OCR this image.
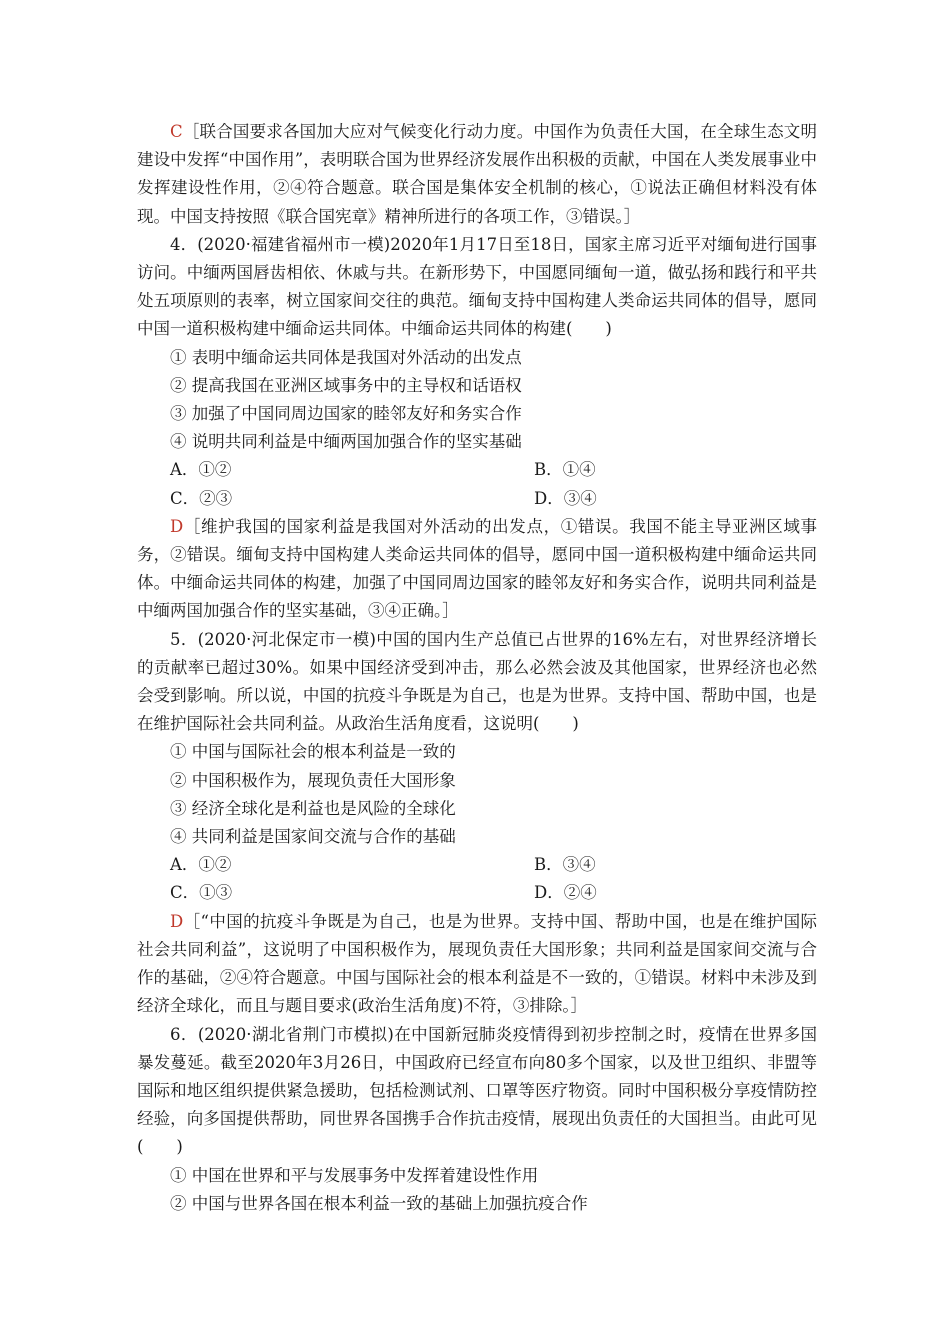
C［联合国要求各国加大应对气候变化行动力度。中国作为负责任大国，在全球生态文明建设中发挥“中国作用”，表明联合国为世界经济发展作出积极的贡献，中国在人类发展事业中发挥建设性作用，②④符合题意。联合国是集体安全机制的核心，①说法正确但材料没有体现。中国支持按照《联合国宪章》精神所进行的各项工作，③错误。］

4．(2020·福建省福州市一模)2020年1月17日至18日，国家主席习近平对缅甸进行国事访问。中缅两国唇齿相依、休戚与共。在新形势下，中国愿同缅甸一道，做弘扬和践行和平共处五项原则的表率，树立国家间交往的典范。缅甸支持中国构建人类命运共同体的倡导，愿同中国一道积极构建中缅命运共同体。中缅命运共同体的构建(　　)

① 表明中缅命运共同体是我国对外活动的出发点

② 提高我国在亚洲区域事务中的主导权和话语权

③ 加强了中国同周边国家的睦邻友好和务实合作

④ 说明共同利益是中缅两国加强合作的坚实基础

A．①②	B．①④
C．②③	D．③④

D［维护我国的国家利益是我国对外活动的出发点，①错误。我国不能主导亚洲区域事务，②错误。缅甸支持中国构建人类命运共同体的倡导，愿同中国一道积极构建中缅命运共同体。中缅命运共同体的构建，加强了中国同周边国家的睦邻友好和务实合作，说明共同利益是中缅两国加强合作的坚实基础，③④正确。］

5．(2020·河北保定市一模)中国的国内生产总值已占世界的16%左右，对世界经济增长的贡献率已超过30%。如果中国经济受到冲击，那么必然会波及其他国家，世界经济也必然会受到影响。所以说，中国的抗疫斗争既是为自己，也是为世界。支持中国、帮助中国，也是在维护国际社会共同利益。从政治生活角度看，这说明(　　)

① 中国与国际社会的根本利益是一致的

② 中国积极作为，展现负责任大国形象

③ 经济全球化是利益也是风险的全球化

④ 共同利益是国家间交流与合作的基础

A．①②	B．③④
C．①③	D．②④

D［“中国的抗疫斗争既是为自己，也是为世界。支持中国、帮助中国，也是在维护国际社会共同利益”，这说明了中国积极作为，展现负责任大国形象；共同利益是国家间交流与合作的基础，②④符合题意。中国与国际社会的根本利益是不一致的，①错误。材料中未涉及到经济全球化，而且与题目要求(政治生活角度)不符，③排除。］

6．(2020·湖北省荆门市模拟)在中国新冠肺炎疫情得到初步控制之时，疫情在世界多国暴发蔓延。截至2020年3月26日，中国政府已经宣布向80多个国家，以及世卫组织、非盟等国际和地区组织提供紧急援助，包括检测试剂、口罩等医疗物资。同时中国积极分享疫情防控经验，向多国提供帮助，同世界各国携手合作抗击疫情，展现出负责任的大国担当。由此可见(　　)

① 中国在世界和平与发展事务中发挥着建设性作用

② 中国与世界各国在根本利益一致的基础上加强抗疫合作
